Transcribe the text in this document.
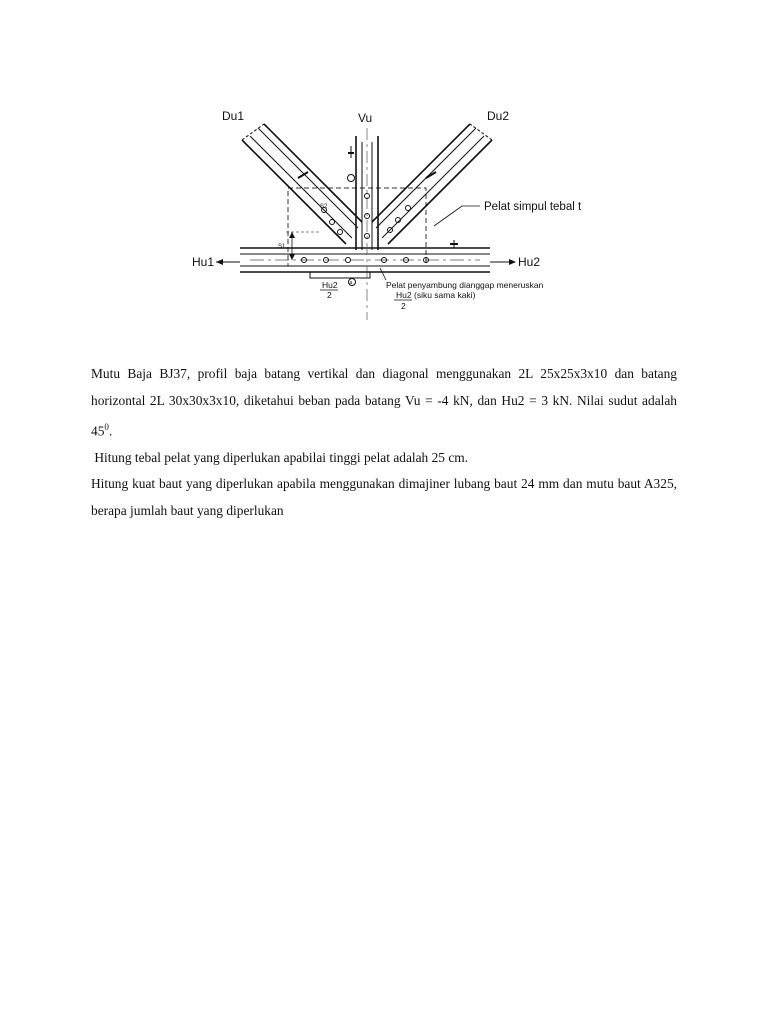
Du1	Vu	Du2
Hu1	Hu2
Pelat simpul tebal t
S1
S2
a
Hu2
2
Pelat penyambung dianggap meneruskan
Hu2
2
(siku sama kaki)

Mutu Baja BJ37, profil baja batang vertikal dan diagonal menggunakan 2L 25x25x3x10 dan batang horizontal 2L 30x30x3x10, diketahui beban pada batang Vu = -4 kN, dan Hu2 = 3 kN. Nilai sudut adalah $45^0$.

Hitung tebal pelat yang diperlukan apabilai tinggi pelat adalah 25 cm.

Hitung kuat baut yang diperlukan apabila menggunakan dimajiner lubang baut 24 mm dan mutu baut A325, berapa jumlah baut yang diperlukan
